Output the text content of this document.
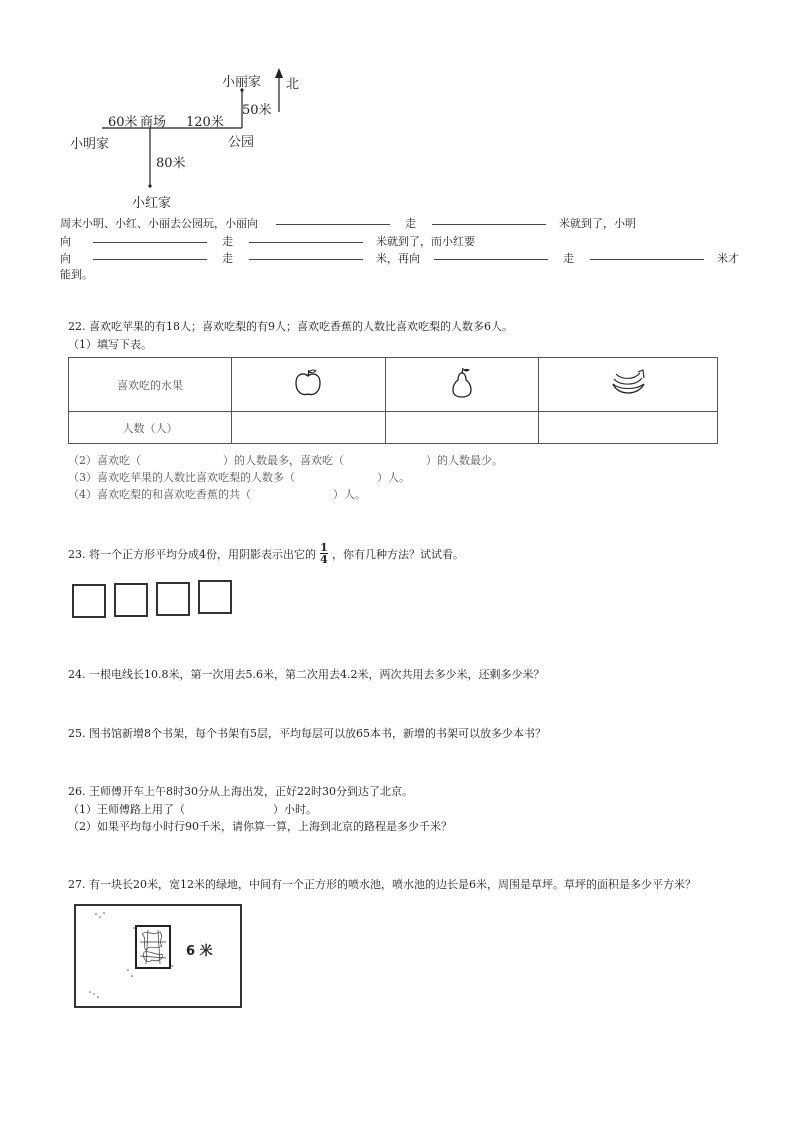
小丽家 北
50米
60米 商场 120米
小明家	公园
80米
小红家
周末小明、小红、小丽去公园玩，小丽向	走	米就到了，小明
向	走	米就到了，而小红要
向	走	米，再向	走	米才
能到。
22. 喜欢吃苹果的有18人；喜欢吃梨的有9人；喜欢吃香蕉的人数比喜欢吃梨的人数多6人。
（1）填写下表。
喜欢吃的水果			
人数（人）			
（2）喜欢吃（	）的人数最多，喜欢吃（	）的人数最少。
（3）喜欢吃苹果的人数比喜欢吃梨的人数多（	）人。
（4）喜欢吃梨的和喜欢吃香蕉的共（	）人。
23. 将一个正方形平均分成4份，用阴影表示出它的 1
4 ，你有几种方法？试试看。
24. 一根电线长10.8米，第一次用去5.6米，第二次用去4.2米，两次共用去多少米，还剩多少米？
25. 图书馆新增8个书架，每个书架有5层，平均每层可以放65本书，新增的书架可以放多少本书？
26. 王师傅开车上午8时30分从上海出发，正好22时30分到达了北京。
（1）王师傅路上用了（	）小时。
（2）如果平均每小时行90千米，请你算一算，上海到北京的路程是多少千米？
27. 有一块长20米，宽12米的绿地，中间有一个正方形的喷水池，喷水池的边长是6米，周围是草坪。草坪的面积是多少平方米？
6 米
